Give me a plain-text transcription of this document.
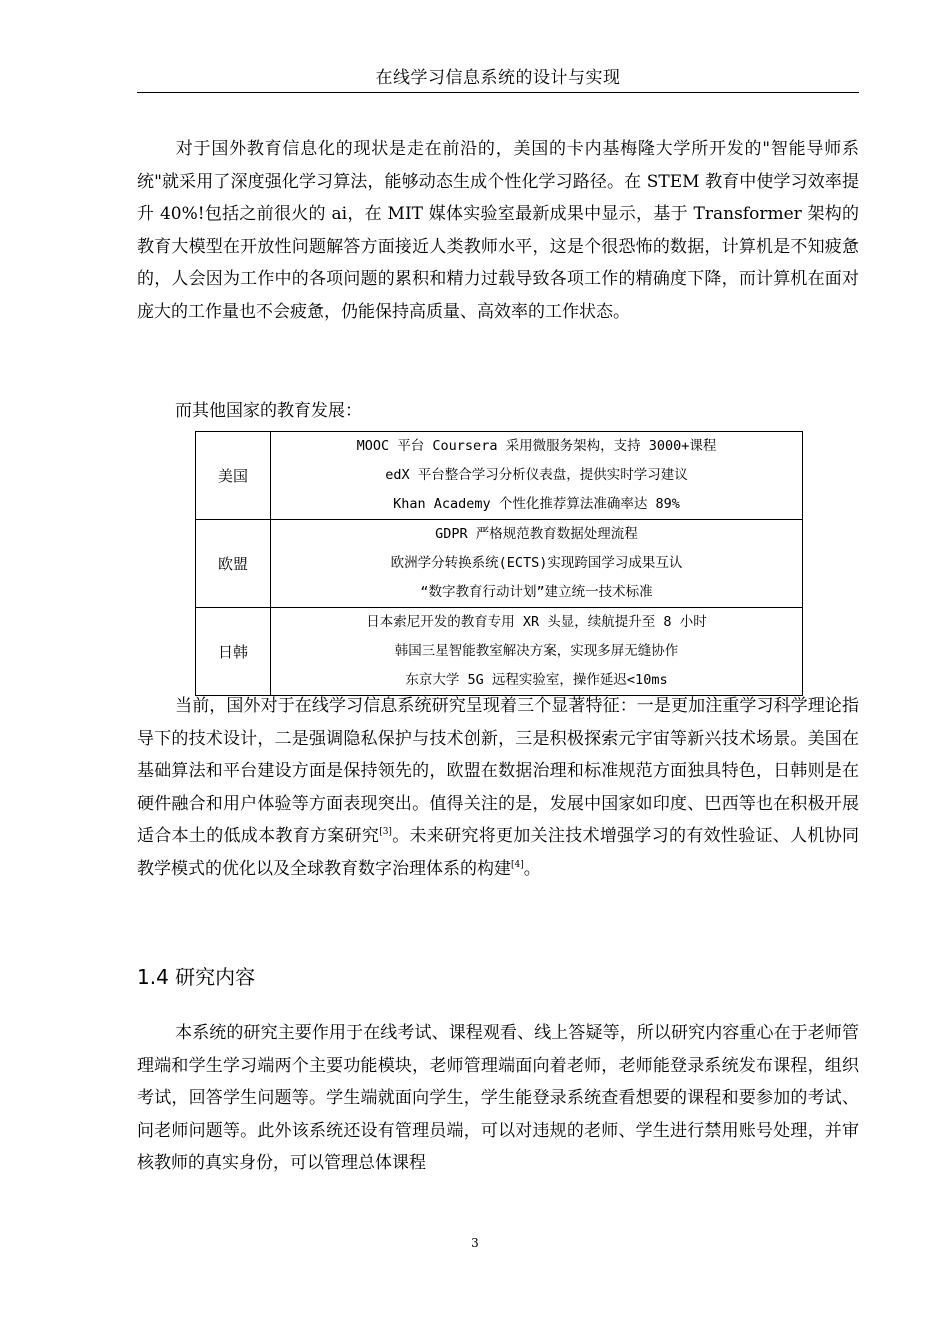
在线学习信息系统的设计与实现

对于国外教育信息化的现状是走在前沿的，美国的卡内基梅隆大学所开发的"智能导师系统"就采用了深度强化学习算法，能够动态生成个性化学习路径。在 STEM 教育中使学习效率提升 40%!包括之前很火的 ai，在 MIT 媒体实验室最新成果中显示，基于 Transformer 架构的教育大模型在开放性问题解答方面接近人类教师水平，这是个很恐怖的数据，计算机是不知疲惫的，人会因为工作中的各项问题的累积和精力过载导致各项工作的精确度下降，而计算机在面对庞大的工作量也不会疲惫，仍能保持高质量、高效率的工作状态。

而其他国家的教育发展：

美国	MOOC 平台 Coursera 采用微服务架构，支持 3000+课程
edX 平台整合学习分析仪表盘，提供实时学习建议
Khan Academy 个性化推荐算法准确率达 89%

欧盟	GDPR 严格规范教育数据处理流程
欧洲学分转换系统(ECTS)实现跨国学习成果互认
“数字教育行动计划”建立统一技术标准

日韩	日本索尼开发的教育专用 XR 头显，续航提升至 8 小时
韩国三星智能教室解决方案，实现多屏无缝协作
东京大学 5G 远程实验室，操作延迟<10ms

当前，国外对于在线学习信息系统研究呈现着三个显著特征：一是更加注重学习科学理论指导下的技术设计，二是强调隐私保护与技术创新，三是积极探索元宇宙等新兴技术场景。美国在基础算法和平台建设方面是保持领先的，欧盟在数据治理和标准规范方面独具特色，日韩则是在硬件融合和用户体验等方面表现突出。值得关注的是，发展中国家如印度、巴西等也在积极开展适合本土的低成本教育方案研究[3]。未来研究将更加关注技术增强学习的有效性验证、人机协同教学模式的优化以及全球教育数字治理体系的构建[4]。

1.4 研究内容

本系统的研究主要作用于在线考试、课程观看、线上答疑等，所以研究内容重心在于老师管理端和学生学习端两个主要功能模块，老师管理端面向着老师，老师能登录系统发布课程，组织考试，回答学生问题等。学生端就面向学生，学生能登录系统查看想要的课程和要参加的考试、问老师问题等。此外该系统还设有管理员端，可以对违规的老师、学生进行禁用账号处理，并审核教师的真实身份，可以管理总体课程

3
